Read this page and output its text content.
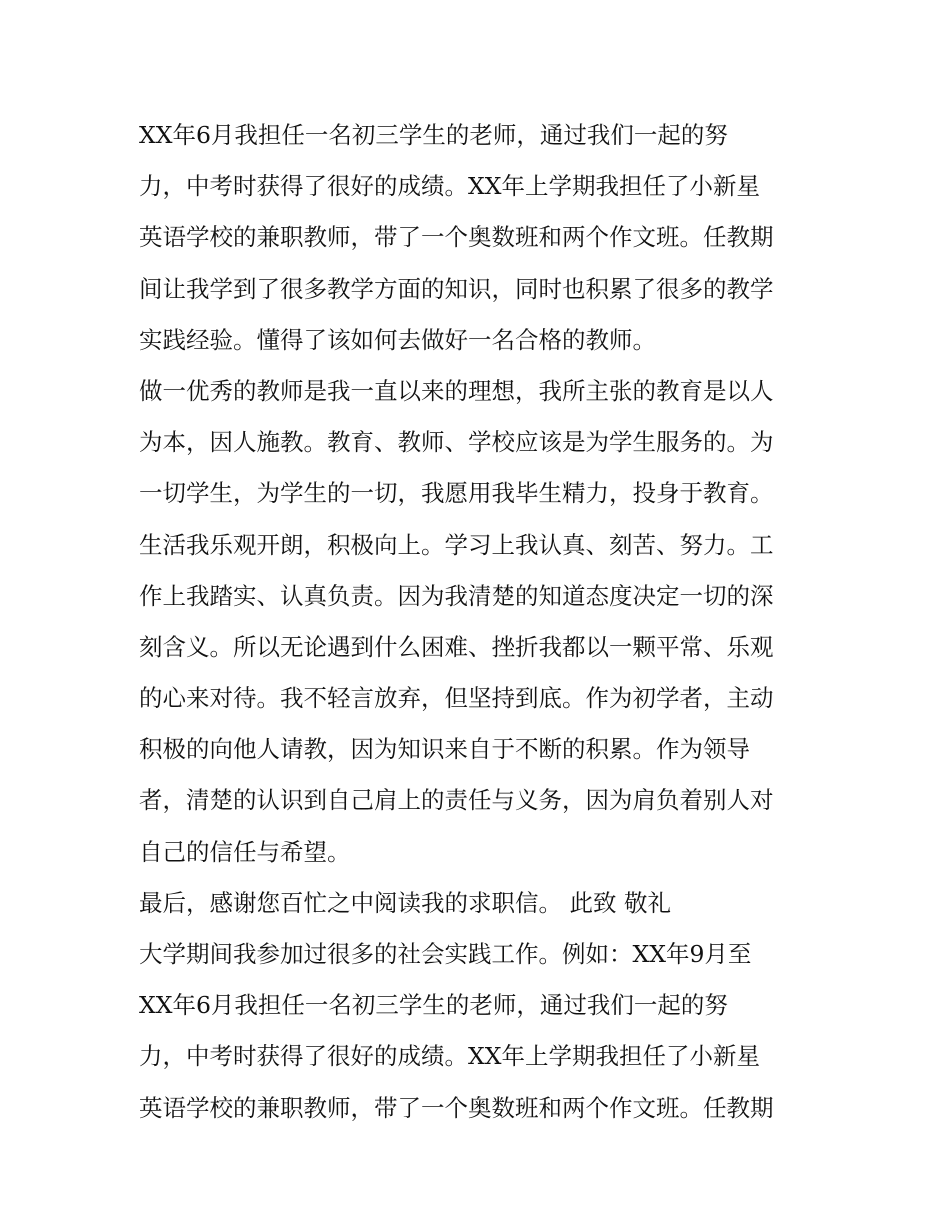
XX年6月我担任一名初三学生的老师，通过我们一起的努
力，中考时获得了很好的成绩。XX年上学期我担任了小新星
英语学校的兼职教师，带了一个奥数班和两个作文班。任教期
间让我学到了很多教学方面的知识，同时也积累了很多的教学
实践经验。懂得了该如何去做好一名合格的教师。
做一优秀的教师是我一直以来的理想，我所主张的教育是以人
为本，因人施教。教育、教师、学校应该是为学生服务的。为
一切学生，为学生的一切，我愿用我毕生精力，投身于教育。
生活我乐观开朗，积极向上。学习上我认真、刻苦、努力。工
作上我踏实、认真负责。因为我清楚的知道态度决定一切的深
刻含义。所以无论遇到什么困难、挫折我都以一颗平常、乐观
的心来对待。我不轻言放弃，但坚持到底。作为初学者，主动
积极的向他人请教，因为知识来自于不断的积累。作为领导
者，清楚的认识到自己肩上的责任与义务，因为肩负着别人对
自己的信任与希望。
最后，感谢您百忙之中阅读我的求职信。 此致 敬礼
大学期间我参加过很多的社会实践工作。例如：XX年9月至
XX年6月我担任一名初三学生的老师，通过我们一起的努
力，中考时获得了很好的成绩。XX年上学期我担任了小新星
英语学校的兼职教师，带了一个奥数班和两个作文班。任教期
